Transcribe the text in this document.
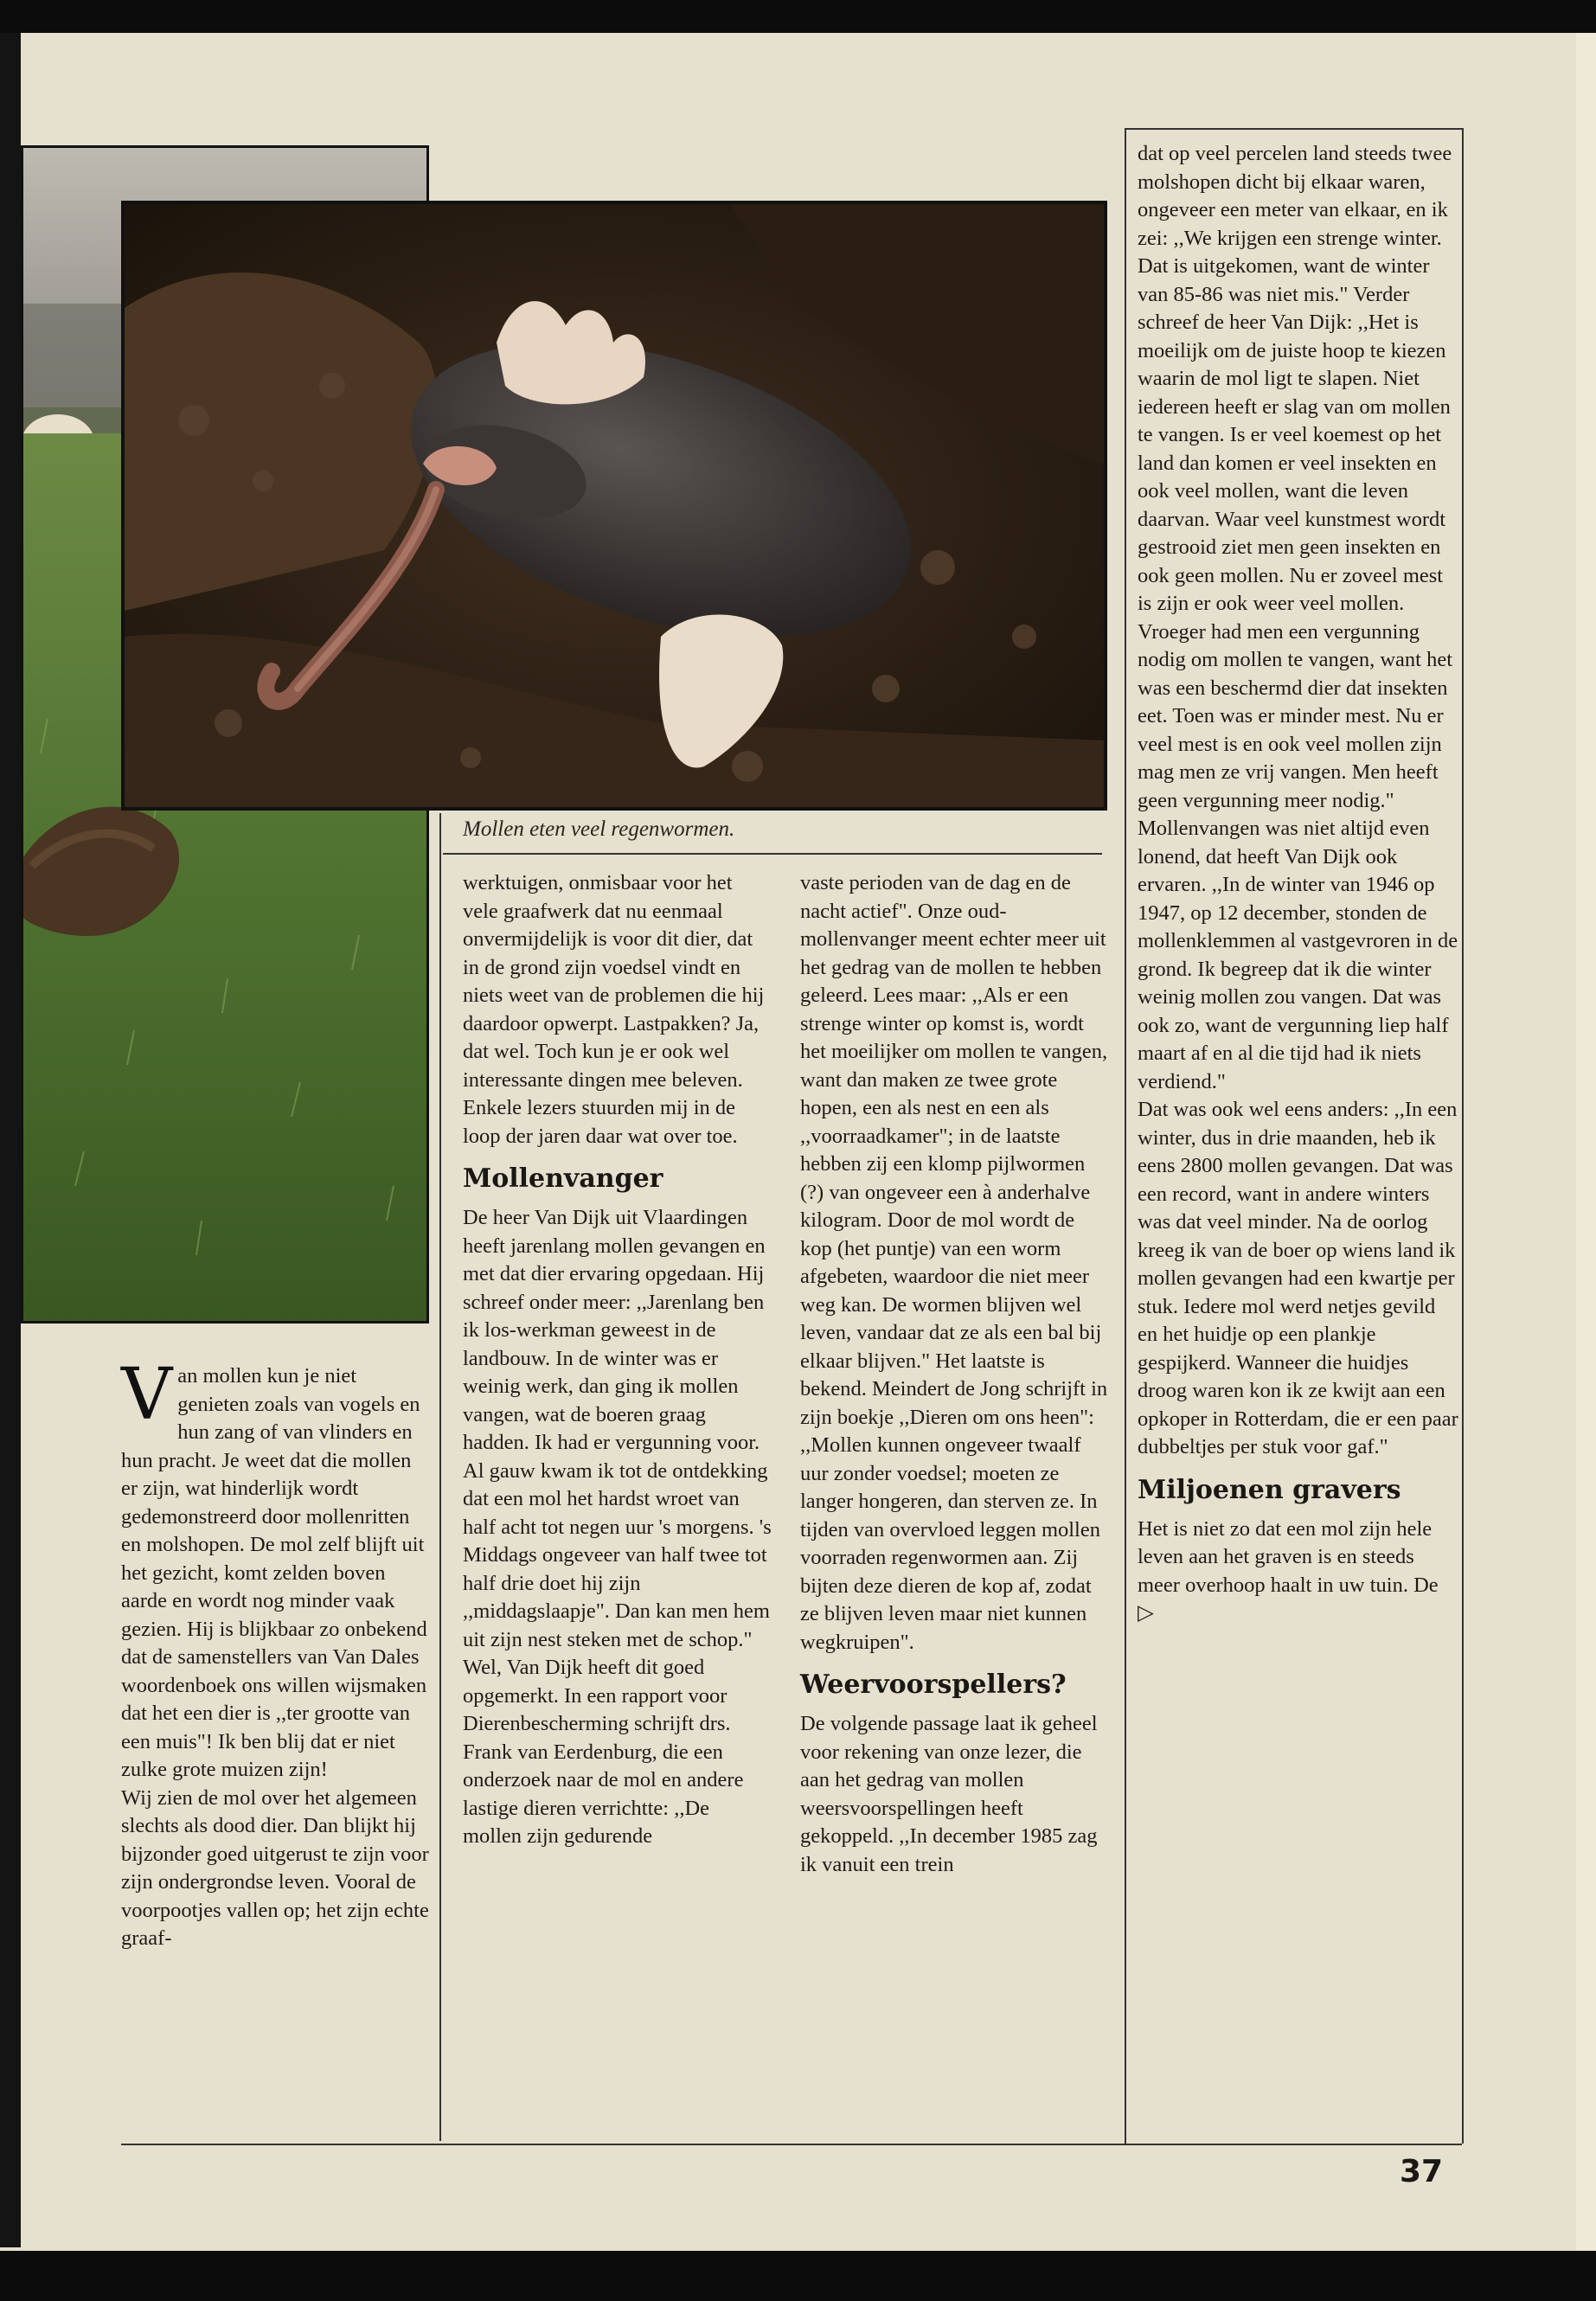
Mollen eten veel regenwormen.

Van mollen kun je niet genieten zoals van vogels en hun zang of van vlinders en hun pracht. Je weet dat die mollen er zijn, wat hinderlijk wordt gedemonstreerd door mollenritten en molshopen. De mol zelf blijft uit het gezicht, komt zelden boven aarde en wordt nog minder vaak gezien. Hij is blijkbaar zo onbekend dat de samenstellers van Van Dales woordenboek ons willen wijsmaken dat het een dier is ,,ter grootte van een muis"! Ik ben blij dat er niet zulke grote muizen zijn!

Wij zien de mol over het algemeen slechts als dood dier. Dan blijkt hij bijzonder goed uitgerust te zijn voor zijn ondergrondse leven. Vooral de voorpootjes vallen op; het zijn echte graaf-

werktuigen, onmisbaar voor het vele graafwerk dat nu eenmaal onvermijdelijk is voor dit dier, dat in de grond zijn voedsel vindt en niets weet van de problemen die hij daardoor opwerpt. Lastpakken? Ja, dat wel. Toch kun je er ook wel interessante dingen mee beleven. Enkele lezers stuurden mij in de loop der jaren daar wat over toe.

Mollenvanger

De heer Van Dijk uit Vlaardingen heeft jarenlang mollen gevangen en met dat dier ervaring opgedaan. Hij schreef onder meer: ,,Jarenlang ben ik los-werkman geweest in de landbouw. In de winter was er weinig werk, dan ging ik mollen vangen, wat de boeren graag hadden. Ik had er vergunning voor. Al gauw kwam ik tot de ontdekking dat een mol het hardst wroet van half acht tot negen uur 's morgens. 's Middags ongeveer van half twee tot half drie doet hij zijn ,,middagslaapje". Dan kan men hem uit zijn nest steken met de schop."

Wel, Van Dijk heeft dit goed opgemerkt. In een rapport voor Dierenbescherming schrijft drs. Frank van Eerdenburg, die een onderzoek naar de mol en andere lastige dieren verrichtte: ,,De mollen zijn gedurende

vaste perioden van de dag en de nacht actief". Onze oud-mollenvanger meent echter meer uit het gedrag van de mollen te hebben geleerd. Lees maar: ,,Als er een strenge winter op komst is, wordt het moeilijker om mollen te vangen, want dan maken ze twee grote hopen, een als nest en een als ,,voorraadkamer"; in de laatste hebben zij een klomp pijlwormen (?) van ongeveer een à anderhalve kilogram. Door de mol wordt de kop (het puntje) van een worm afgebeten, waardoor die niet meer weg kan. De wormen blijven wel leven, vandaar dat ze als een bal bij elkaar blijven." Het laatste is bekend. Meindert de Jong schrijft in zijn boekje ,,Dieren om ons heen": ,,Mollen kunnen ongeveer twaalf uur zonder voedsel; moeten ze langer hongeren, dan sterven ze. In tijden van overvloed leggen mollen voorraden regenwormen aan. Zij bijten deze dieren de kop af, zodat ze blijven leven maar niet kunnen wegkruipen".

Weervoorspellers?

De volgende passage laat ik geheel voor rekening van onze lezer, die aan het gedrag van mollen weersvoorspellingen heeft gekoppeld. ,,In december 1985 zag ik vanuit een trein

dat op veel percelen land steeds twee molshopen dicht bij elkaar waren, ongeveer een meter van elkaar, en ik zei: ,,We krijgen een strenge winter. Dat is uitgekomen, want de winter van 85-86 was niet mis." Verder schreef de heer Van Dijk: ,,Het is moeilijk om de juiste hoop te kiezen waarin de mol ligt te slapen. Niet iedereen heeft er slag van om mollen te vangen. Is er veel koemest op het land dan komen er veel insekten en ook veel mollen, want die leven daarvan. Waar veel kunstmest wordt gestrooid ziet men geen insekten en ook geen mollen. Nu er zoveel mest is zijn er ook weer veel mollen. Vroeger had men een vergunning nodig om mollen te vangen, want het was een beschermd dier dat insekten eet. Toen was er minder mest. Nu er veel mest is en ook veel mollen zijn mag men ze vrij vangen. Men heeft geen vergunning meer nodig." Mollenvangen was niet altijd even lonend, dat heeft Van Dijk ook ervaren. ,,In de winter van 1946 op 1947, op 12 december, stonden de mollenklemmen al vastgevroren in de grond. Ik begreep dat ik die winter weinig mollen zou vangen. Dat was ook zo, want de vergunning liep half maart af en al die tijd had ik niets verdiend."

Dat was ook wel eens anders: ,,In een winter, dus in drie maanden, heb ik eens 2800 mollen gevangen. Dat was een record, want in andere winters was dat veel minder. Na de oorlog kreeg ik van de boer op wiens land ik mollen gevangen had een kwartje per stuk. Iedere mol werd netjes gevild en het huidje op een plankje gespijkerd. Wanneer die huidjes droog waren kon ik ze kwijt aan een opkoper in Rotterdam, die er een paar dubbeltjes per stuk voor gaf."

Miljoenen gravers

Het is niet zo dat een mol zijn hele leven aan het graven is en steeds meer overhoop haalt in uw tuin. De ▷

37
